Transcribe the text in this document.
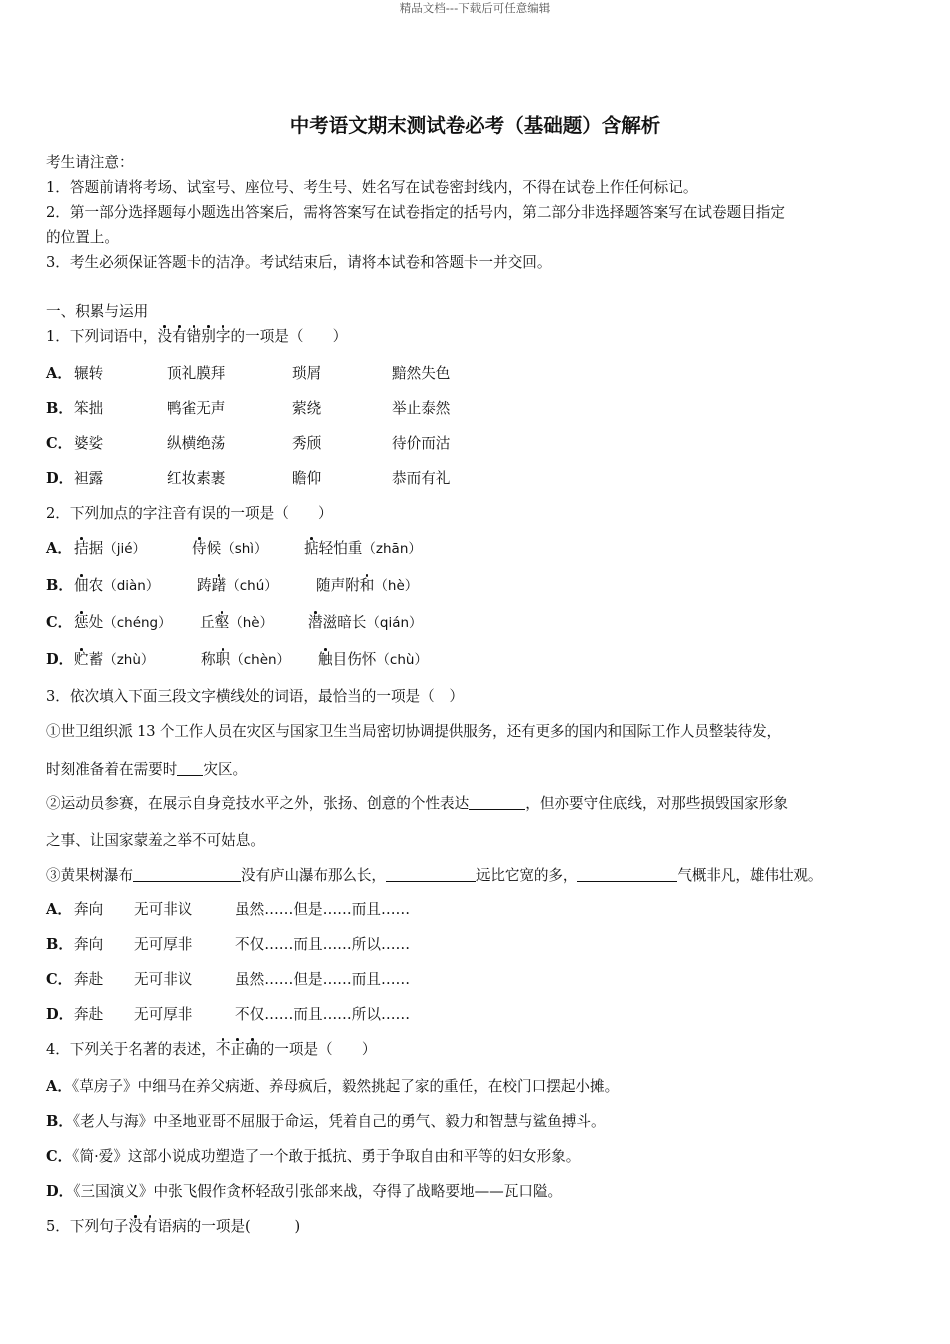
精品文档---下载后可任意编辑
中考语文期末测试卷必考（基础题）含解析
考生请注意：
1．答题前请将考场、试室号、座位号、考生号、姓名写在试卷密封线内，不得在试卷上作任何标记。
2．第一部分选择题每小题选出答案后，需将答案写在试卷指定的括号内，第二部分非选择题答案写在试卷题目指定
的位置上。
3．考生必须保证答题卡的洁净。考试结束后，请将本试卷和答题卡一并交回。
一、积累与运用
1．下列词语中，没有错别字的一项是（　　）
A． 辗转	顶礼膜拜	琐屑	黯然失色
B． 笨拙	鸭雀无声	萦绕	举止泰然
C． 婆娑	纵横绝荡	秀颀	待价而沽
D． 袒露	红妆素裹	瞻仰	恭而有礼
2．下列加点的字注音有误的一项是（　　）
A． 拮据（jié）	侍候（shì） 掂轻怕重（zhān）
B． 佃农（diàn）	踌躇（chú）	随声附和（hè）
C． 惩处（chéng） 丘壑（hè） 潜滋暗长（qián）
D． 贮蓄（zhù）	称职（chèn） 触目伤怀（chù）
3．依次填入下面三段文字横线处的词语，最恰当的一项是（　）
①世卫组织派 13 个工作人员在灾区与国家卫生当局密切协调提供服务，还有更多的国内和国际工作人员整装待发，
时刻准备着在需要时 灾区。
②运动员参赛，在展示自身竞技水平之外，张扬、创意的个性表达	，但亦要守住底线，对那些损毁国家形象
之事、让国家蒙羞之举不可姑息。
③黄果树瀑布	没有庐山瀑布那么长，	远比它宽的多，	气概非凡，雄伟壮观。
A． 奔向 无可非议	虽然……但是……而且……
B． 奔向 无可厚非	不仅……而且……所以……
C． 奔赴 无可非议	虽然……但是……而且……
D． 奔赴 无可厚非	不仅……而且……所以……
4．下列关于名著的表述，不正确的一项是（　　）
A．《草房子》中细马在养父病逝、养母疯后，毅然挑起了家的重任，在校门口摆起小摊。
B．《老人与海》中圣地亚哥不屈服于命运，凭着自己的勇气、毅力和智慧与鲨鱼搏斗。
C．《简·爱》这部小说成功塑造了一个敢于抵抗、勇于争取自由和平等的妇女形象。
D．《三国演义》中张飞假作贪杯轻敌引张郃来战，夺得了战略要地——瓦口隘。
5．下列句子没有语病的一项是(　　　)
